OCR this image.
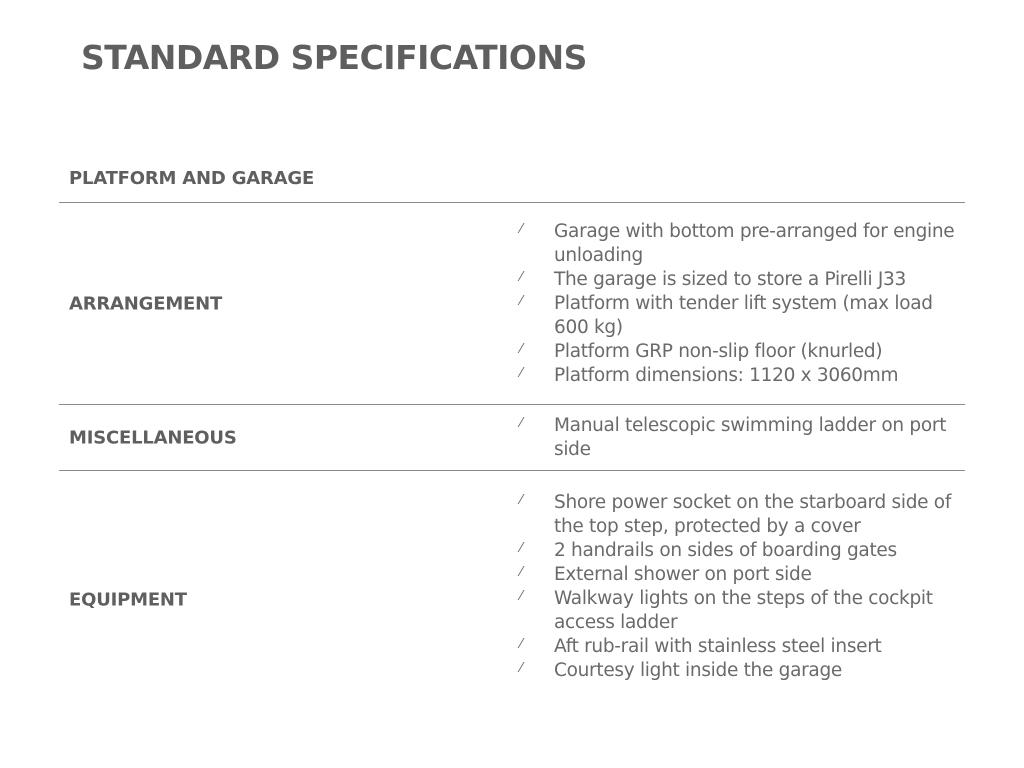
STANDARD SPECIFICATIONS
PLATFORM AND GARAGE
ARRANGEMENT
⁄ Garage with bottom pre-arranged for engine unloading
⁄ The garage is sized to store a Pirelli J33
⁄ Platform with tender lift system (max load 600 kg)
⁄ Platform GRP non-slip floor (knurled)
⁄ Platform dimensions: 1120 x 3060mm
MISCELLANEOUS
⁄ Manual telescopic swimming ladder on port side
EQUIPMENT
⁄ Shore power socket on the starboard side of the top step, protected by a cover
⁄ 2 handrails on sides of boarding gates
⁄ External shower on port side
⁄ Walkway lights on the steps of the cockpit access ladder
⁄ Aft rub-rail with stainless steel insert
⁄ Courtesy light inside the garage
